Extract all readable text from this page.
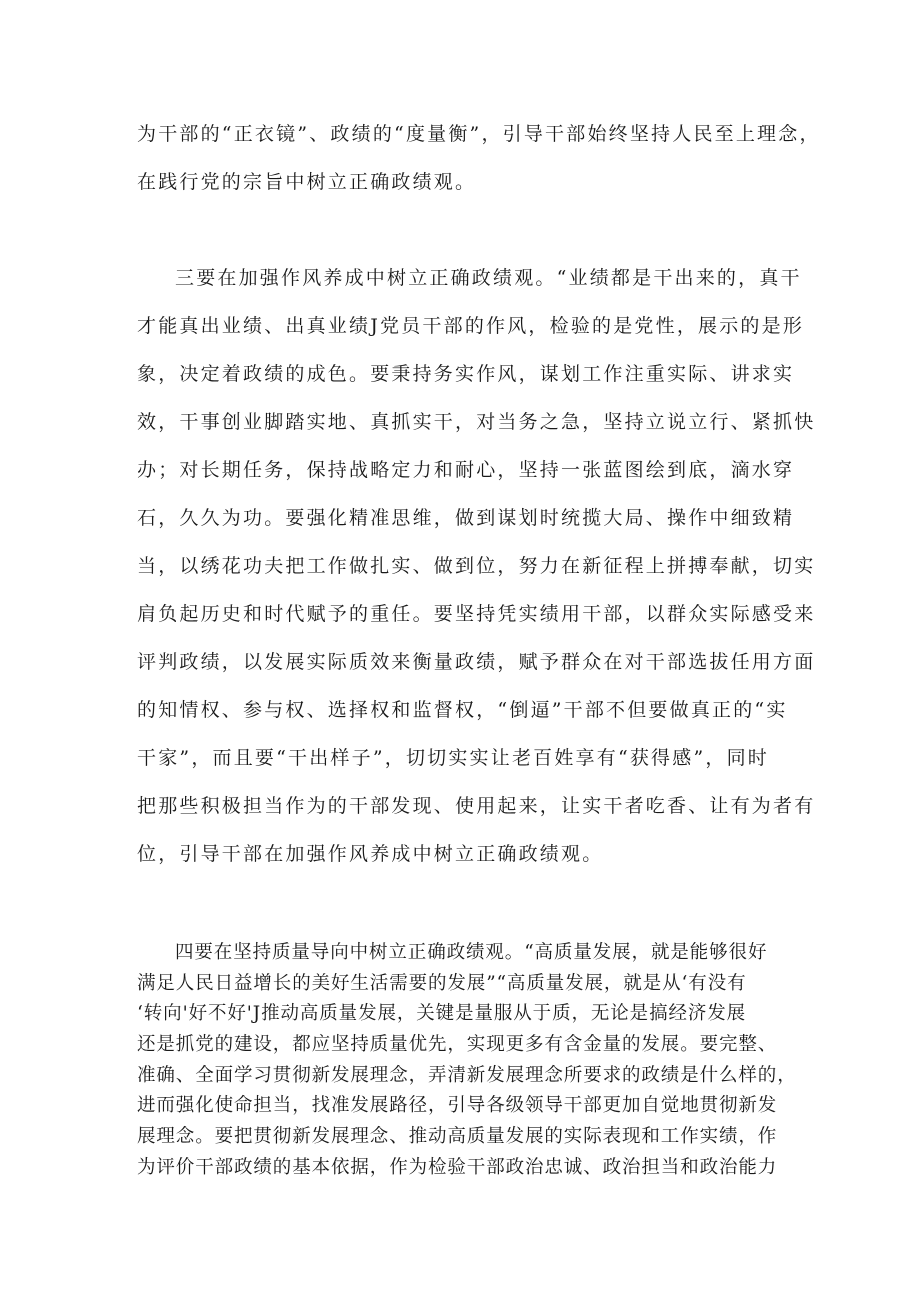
为干部的“正衣镜”、政绩的“度量衡”，引导干部始终坚持人民至上理念，

在践行党的宗旨中树立正确政绩观。

三要在加强作风养成中树立正确政绩观。“业绩都是干出来的，真干

才能真出业绩、出真业绩J党员干部的作风，检验的是党性，展示的是形

象，决定着政绩的成色。要秉持务实作风，谋划工作注重实际、讲求实

效，干事创业脚踏实地、真抓实干，对当务之急，坚持立说立行、紧抓快

办；对长期任务，保持战略定力和耐心，坚持一张蓝图绘到底，滴水穿

石，久久为功。要强化精准思维，做到谋划时统揽大局、操作中细致精

当，以绣花功夫把工作做扎实、做到位，努力在新征程上拼搏奉献，切实

肩负起历史和时代赋予的重任。要坚持凭实绩用干部，以群众实际感受来

评判政绩，以发展实际质效来衡量政绩，赋予群众在对干部选拔任用方面

的知情权、参与权、选择权和监督权，“倒逼”干部不但要做真正的“实

干家”，而且要“干出样子”，切切实实让老百姓享有“获得感”，同时

把那些积极担当作为的干部发现、使用起来，让实干者吃香、让有为者有

位，引导干部在加强作风养成中树立正确政绩观。

四要在坚持质量导向中树立正确政绩观。“高质量发展，就是能够很好

满足人民日益增长的美好生活需要的发展”“高质量发展，就是从‘有没有

‘转向'好不好'J推动高质量发展，关键是量服从于质，无论是搞经济发展

还是抓党的建设，都应坚持质量优先，实现更多有含金量的发展。要完整、

准确、全面学习贯彻新发展理念，弄清新发展理念所要求的政绩是什么样的，

进而强化使命担当，找准发展路径，引导各级领导干部更加自觉地贯彻新发

展理念。要把贯彻新发展理念、推动高质量发展的实际表现和工作实绩，作

为评价干部政绩的基本依据，作为检验干部政治忠诚、政治担当和政治能力
